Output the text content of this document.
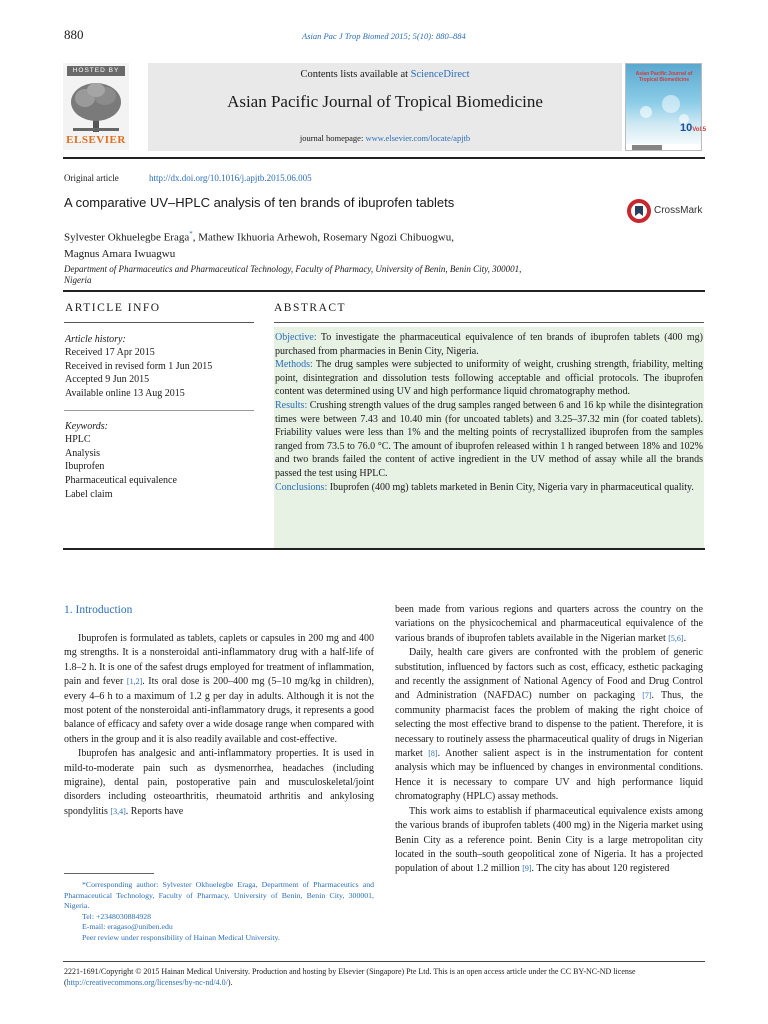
880	Asian Pac J Trop Biomed 2015; 5(10): 880–884
HOSTED BY
ELSEVIER
Contents lists available at ScienceDirect
Asian Pacific Journal of Tropical Biomedicine
journal homepage: www.elsevier.com/locate/apjtb
Asian Pacific Journal of Tropical Biomedicine
10Vol.5
Original article	http://dx.doi.org/10.1016/j.apjtb.2015.06.005
A comparative UV–HPLC analysis of ten brands of ibuprofen tablets
CrossMark
Sylvester Okhuelegbe Eraga*, Mathew Ikhuoria Arhewoh, Rosemary Ngozi Chibuogwu,
Magnus Amara Iwuagwu
Department of Pharmaceutics and Pharmaceutical Technology, Faculty of Pharmacy, University of Benin, Benin City, 300001,
Nigeria
ARTICLE INFO	ABSTRACT
Article history:
Received 17 Apr 2015
Received in revised form 1 Jun 2015
Accepted 9 Jun 2015
Available online 13 Aug 2015
Keywords:
HPLC
Analysis
Ibuprofen
Pharmaceutical equivalence
Label claim
Objective: To investigate the pharmaceutical equivalence of ten brands of ibuprofen tablets (400 mg) purchased from pharmacies in Benin City, Nigeria.
Methods: The drug samples were subjected to uniformity of weight, crushing strength, friability, melting point, disintegration and dissolution tests following acceptable and official protocols. The ibuprofen content was determined using UV and high performance liquid chromatography method.
Results: Crushing strength values of the drug samples ranged between 6 and 16 kp while the disintegration times were between 7.43 and 10.40 min (for uncoated tablets) and 3.25–37.32 min (for coated tablets). Friability values were less than 1% and the melting points of recrystallized ibuprofen from the samples ranged from 73.5 to 76.0 °C. The amount of ibuprofen released within 1 h ranged between 18% and 102% and two brands failed the content of active ingredient in the UV method of assay while all the brands passed the test using HPLC.
Conclusions: Ibuprofen (400 mg) tablets marketed in Benin City, Nigeria vary in pharmaceutical quality.
1. Introduction

Ibuprofen is formulated as tablets, caplets or capsules in 200 mg and 400 mg strengths. It is a nonsteroidal anti-inflammatory drug with a half-life of 1.8–2 h. It is one of the safest drugs employed for treatment of inflammation, pain and fever [1,2]. Its oral dose is 200–400 mg (5–10 mg/kg in children), every 4–6 h to a maximum of 1.2 g per day in adults. Although it is not the most potent of the nonsteroidal anti-inflammatory drugs, it represents a good balance of efficacy and safety over a wide dosage range when compared with others in the group and it is also readily available and cost-effective.

Ibuprofen has analgesic and anti-inflammatory properties. It is used in mild-to-moderate pain such as dysmenorrhea, headaches (including migraine), dental pain, postoperative pain and musculoskeletal/joint disorders including osteoarthritis, rheumatoid arthritis and ankylosing spondylitis [3,4]. Reports have

been made from various regions and quarters across the country on the variations on the physicochemical and pharmaceutical equivalence of the various brands of ibuprofen tablets available in the Nigerian market [5,6].

Daily, health care givers are confronted with the problem of generic substitution, influenced by factors such as cost, efficacy, esthetic packaging and recently the assignment of National Agency of Food and Drug Control and Administration (NAFDAC) number on packaging [7]. Thus, the community pharmacist faces the problem of making the right choice of selecting the most effective brand to dispense to the patient. Therefore, it is necessary to routinely assess the pharmaceutical quality of drugs in Nigerian market [8]. Another salient aspect is in the instrumentation for content analysis which may be influenced by changes in environmental conditions. Hence it is necessary to compare UV and high performance liquid chromatography (HPLC) assay methods.

This work aims to establish if pharmaceutical equivalence exists among the various brands of ibuprofen tablets (400 mg) in the Nigeria market using Benin City as a reference point. Benin City is a large metropolitan city located in the south–south geopolitical zone of Nigeria. It has a projected population of about 1.2 million [9]. The city has about 120 registered

*Corresponding author: Sylvester Okhuelegbe Eraga, Department of Pharmaceutics and Pharmaceutical Technology, Faculty of Pharmacy, University of Benin, Benin City, 300001, Nigeria.
Tel: +2348030884928
E-mail: eragaso@uniben.edu
Peer review under responsibility of Hainan Medical University.
2221-1691/Copyright © 2015 Hainan Medical University. Production and hosting by Elsevier (Singapore) Pte Ltd. This is an open access article under the CC BY-NC-ND license (http://creativecommons.org/licenses/by-nc-nd/4.0/).
